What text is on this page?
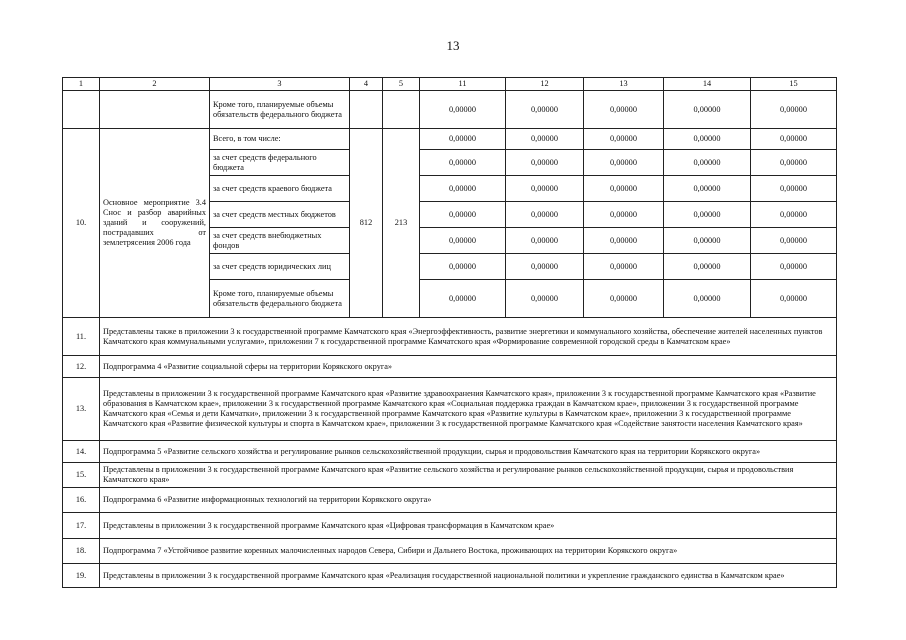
13
1	2	3	4	5	11	12	13	14	15
		Кроме того, планируемые объемы обязательств федерального бюджета			0,00000	0,00000	0,00000	0,00000	0,00000
10.	Основное мероприятие 3.4 Снос и разбор аварийных зданий и сооружений, пострадавших от землетрясения 2006 года	Всего, в том числе:	812	213	0,00000	0,00000	0,00000	0,00000	0,00000
		за счет средств федерального бюджета			0,00000	0,00000	0,00000	0,00000	0,00000
		за счет средств краевого бюджета			0,00000	0,00000	0,00000	0,00000	0,00000
		за счет средств местных бюджетов			0,00000	0,00000	0,00000	0,00000	0,00000
		за счет средств внебюджетных фондов			0,00000	0,00000	0,00000	0,00000	0,00000
		за счет средств юридических лиц			0,00000	0,00000	0,00000	0,00000	0,00000
		Кроме того, планируемые объемы обязательств федерального бюджета			0,00000	0,00000	0,00000	0,00000	0,00000
11.	Представлены также в приложении 3 к государственной программе Камчатского края «Энергоэффективность, развитие энергетики и коммунального хозяйства, обеспечение жителей населенных пунктов Камчатского края коммунальными услугами», приложении 7 к государственной программе Камчатского края «Формирование современной городской среды в Камчатском крае»								
12.	Подпрограмма 4 «Развитие социальной сферы на территории Корякского округа»								
13.	Представлены в приложении 3 к государственной программе Камчатского края «Развитие здравоохранения Камчатского края», приложении 3 к государственной программе Камчатского края «Развитие образования в Камчатском крае», приложении 3 к государственной программе Камчатского края «Социальная поддержка граждан в Камчатском крае», приложении 3 к государственной программе Камчатского края «Семья и дети Камчатки», приложении 3 к государственной программе Камчатского края «Развитие культуры в Камчатском крае», приложении 3 к государственной программе Камчатского края «Развитие физической культуры и спорта в Камчатском крае», приложении 3 к государственной программе Камчатского края «Содействие занятости населения Камчатского края»								
14.	Подпрограмма 5 «Развитие сельского хозяйства и регулирование рынков сельскохозяйственной продукции, сырья и продовольствия Камчатского края на территории Корякского округа»								
15.	Представлены в приложении 3 к государственной программе Камчатского края «Развитие сельского хозяйства и регулирование рынков сельскохозяйственной продукции, сырья и продовольствия Камчатского края»								
16.	Подпрограмма 6 «Развитие информационных технологий на территории Корякского округа»								
17.	Представлены в приложении 3 к государственной программе Камчатского края «Цифровая трансформация в Камчатском крае»								
18.	Подпрограмма 7 «Устойчивое развитие коренных малочисленных народов Севера, Сибири и Дальнего Востока, проживающих на территории Корякского округа»								
19.	Представлены в приложении 3 к государственной программе Камчатского края «Реализация государственной национальной политики и укрепление гражданского единства в Камчатском крае»								
